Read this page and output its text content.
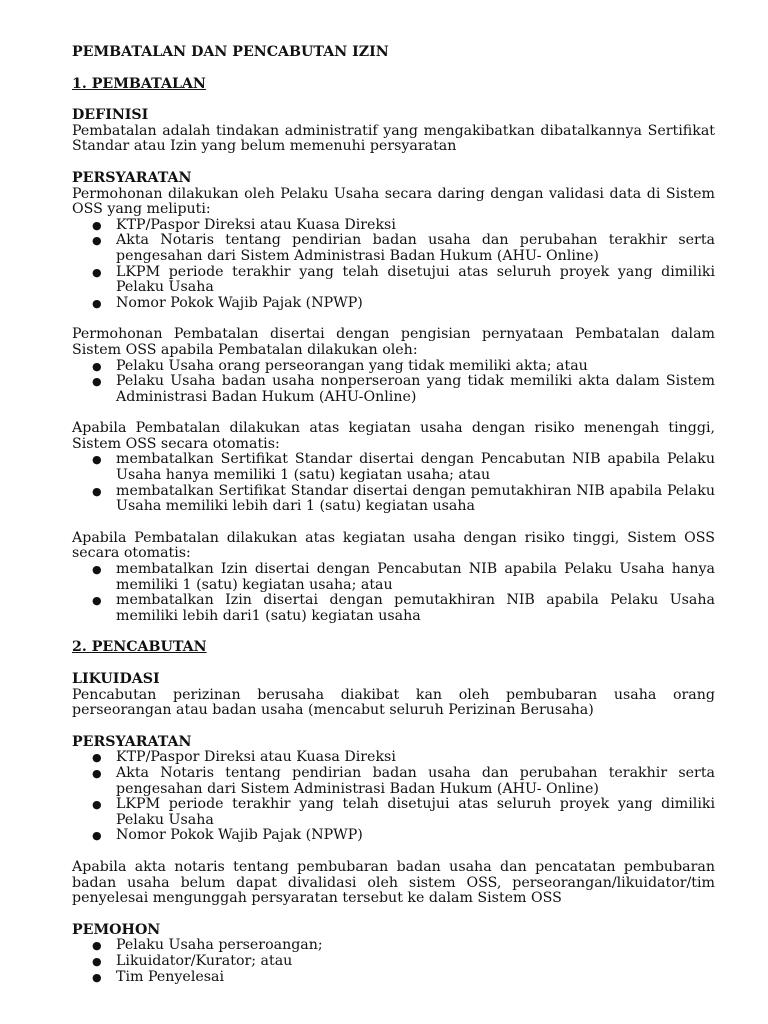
PEMBATALAN DAN PENCABUTAN IZIN
1. PEMBATALAN
DEFINISI

Pembatalan adalah tindakan administratif yang mengakibatkan dibatalkannya Sertifikat Standar atau Izin yang belum memenuhi persyaratan

PERSYARATAN

Permohonan dilakukan oleh Pelaku Usaha secara daring dengan validasi data di Sistem OSS yang meliputi:

● KTP/Paspor Direksi atau Kuasa Direksi
● Akta Notaris tentang pendirian badan usaha dan perubahan terakhir serta pengesahan dari Sistem Administrasi Badan Hukum (AHU- Online)
● LKPM periode terakhir yang telah disetujui atas seluruh proyek yang dimiliki Pelaku Usaha
● Nomor Pokok Wajib Pajak (NPWP)

Permohonan Pembatalan disertai dengan pengisian pernyataan Pembatalan dalam Sistem OSS apabila Pembatalan dilakukan oleh:

● Pelaku Usaha orang perseorangan yang tidak memiliki akta; atau
● Pelaku Usaha badan usaha nonperseroan yang tidak memiliki akta dalam Sistem Administrasi Badan Hukum (AHU-Online)

Apabila Pembatalan dilakukan atas kegiatan usaha dengan risiko menengah tinggi, Sistem OSS secara otomatis:

● membatalkan Sertifikat Standar disertai dengan Pencabutan NIB apabila Pelaku Usaha hanya memiliki 1 (satu) kegiatan usaha; atau
● membatalkan Sertifikat Standar disertai dengan pemutakhiran NIB apabila Pelaku Usaha memiliki lebih dari 1 (satu) kegiatan usaha

Apabila Pembatalan dilakukan atas kegiatan usaha dengan risiko tinggi, Sistem OSS secara otomatis:

● membatalkan Izin disertai dengan Pencabutan NIB apabila Pelaku Usaha hanya memiliki 1 (satu) kegiatan usaha; atau
● membatalkan Izin disertai dengan pemutakhiran NIB apabila Pelaku Usaha memiliki lebih dari1 (satu) kegiatan usaha
2. PENCABUTAN
LIKUIDASI

Pencabutan perizinan berusaha diakibat kan oleh pembubaran usaha orang perseorangan atau badan usaha (mencabut seluruh Perizinan Berusaha)

PERSYARATAN
● KTP/Paspor Direksi atau Kuasa Direksi
● Akta Notaris tentang pendirian badan usaha dan perubahan terakhir serta pengesahan dari Sistem Administrasi Badan Hukum (AHU- Online)
● LKPM periode terakhir yang telah disetujui atas seluruh proyek yang dimiliki Pelaku Usaha
● Nomor Pokok Wajib Pajak (NPWP)

Apabila akta notaris tentang pembubaran badan usaha dan pencatatan pembubaran badan usaha belum dapat divalidasi oleh sistem OSS, perseorangan/likuidator/tim penyelesai mengunggah persyaratan tersebut ke dalam Sistem OSS

PEMOHON
● Pelaku Usaha perseroangan;
● Likuidator/Kurator; atau
● Tim Penyelesai
